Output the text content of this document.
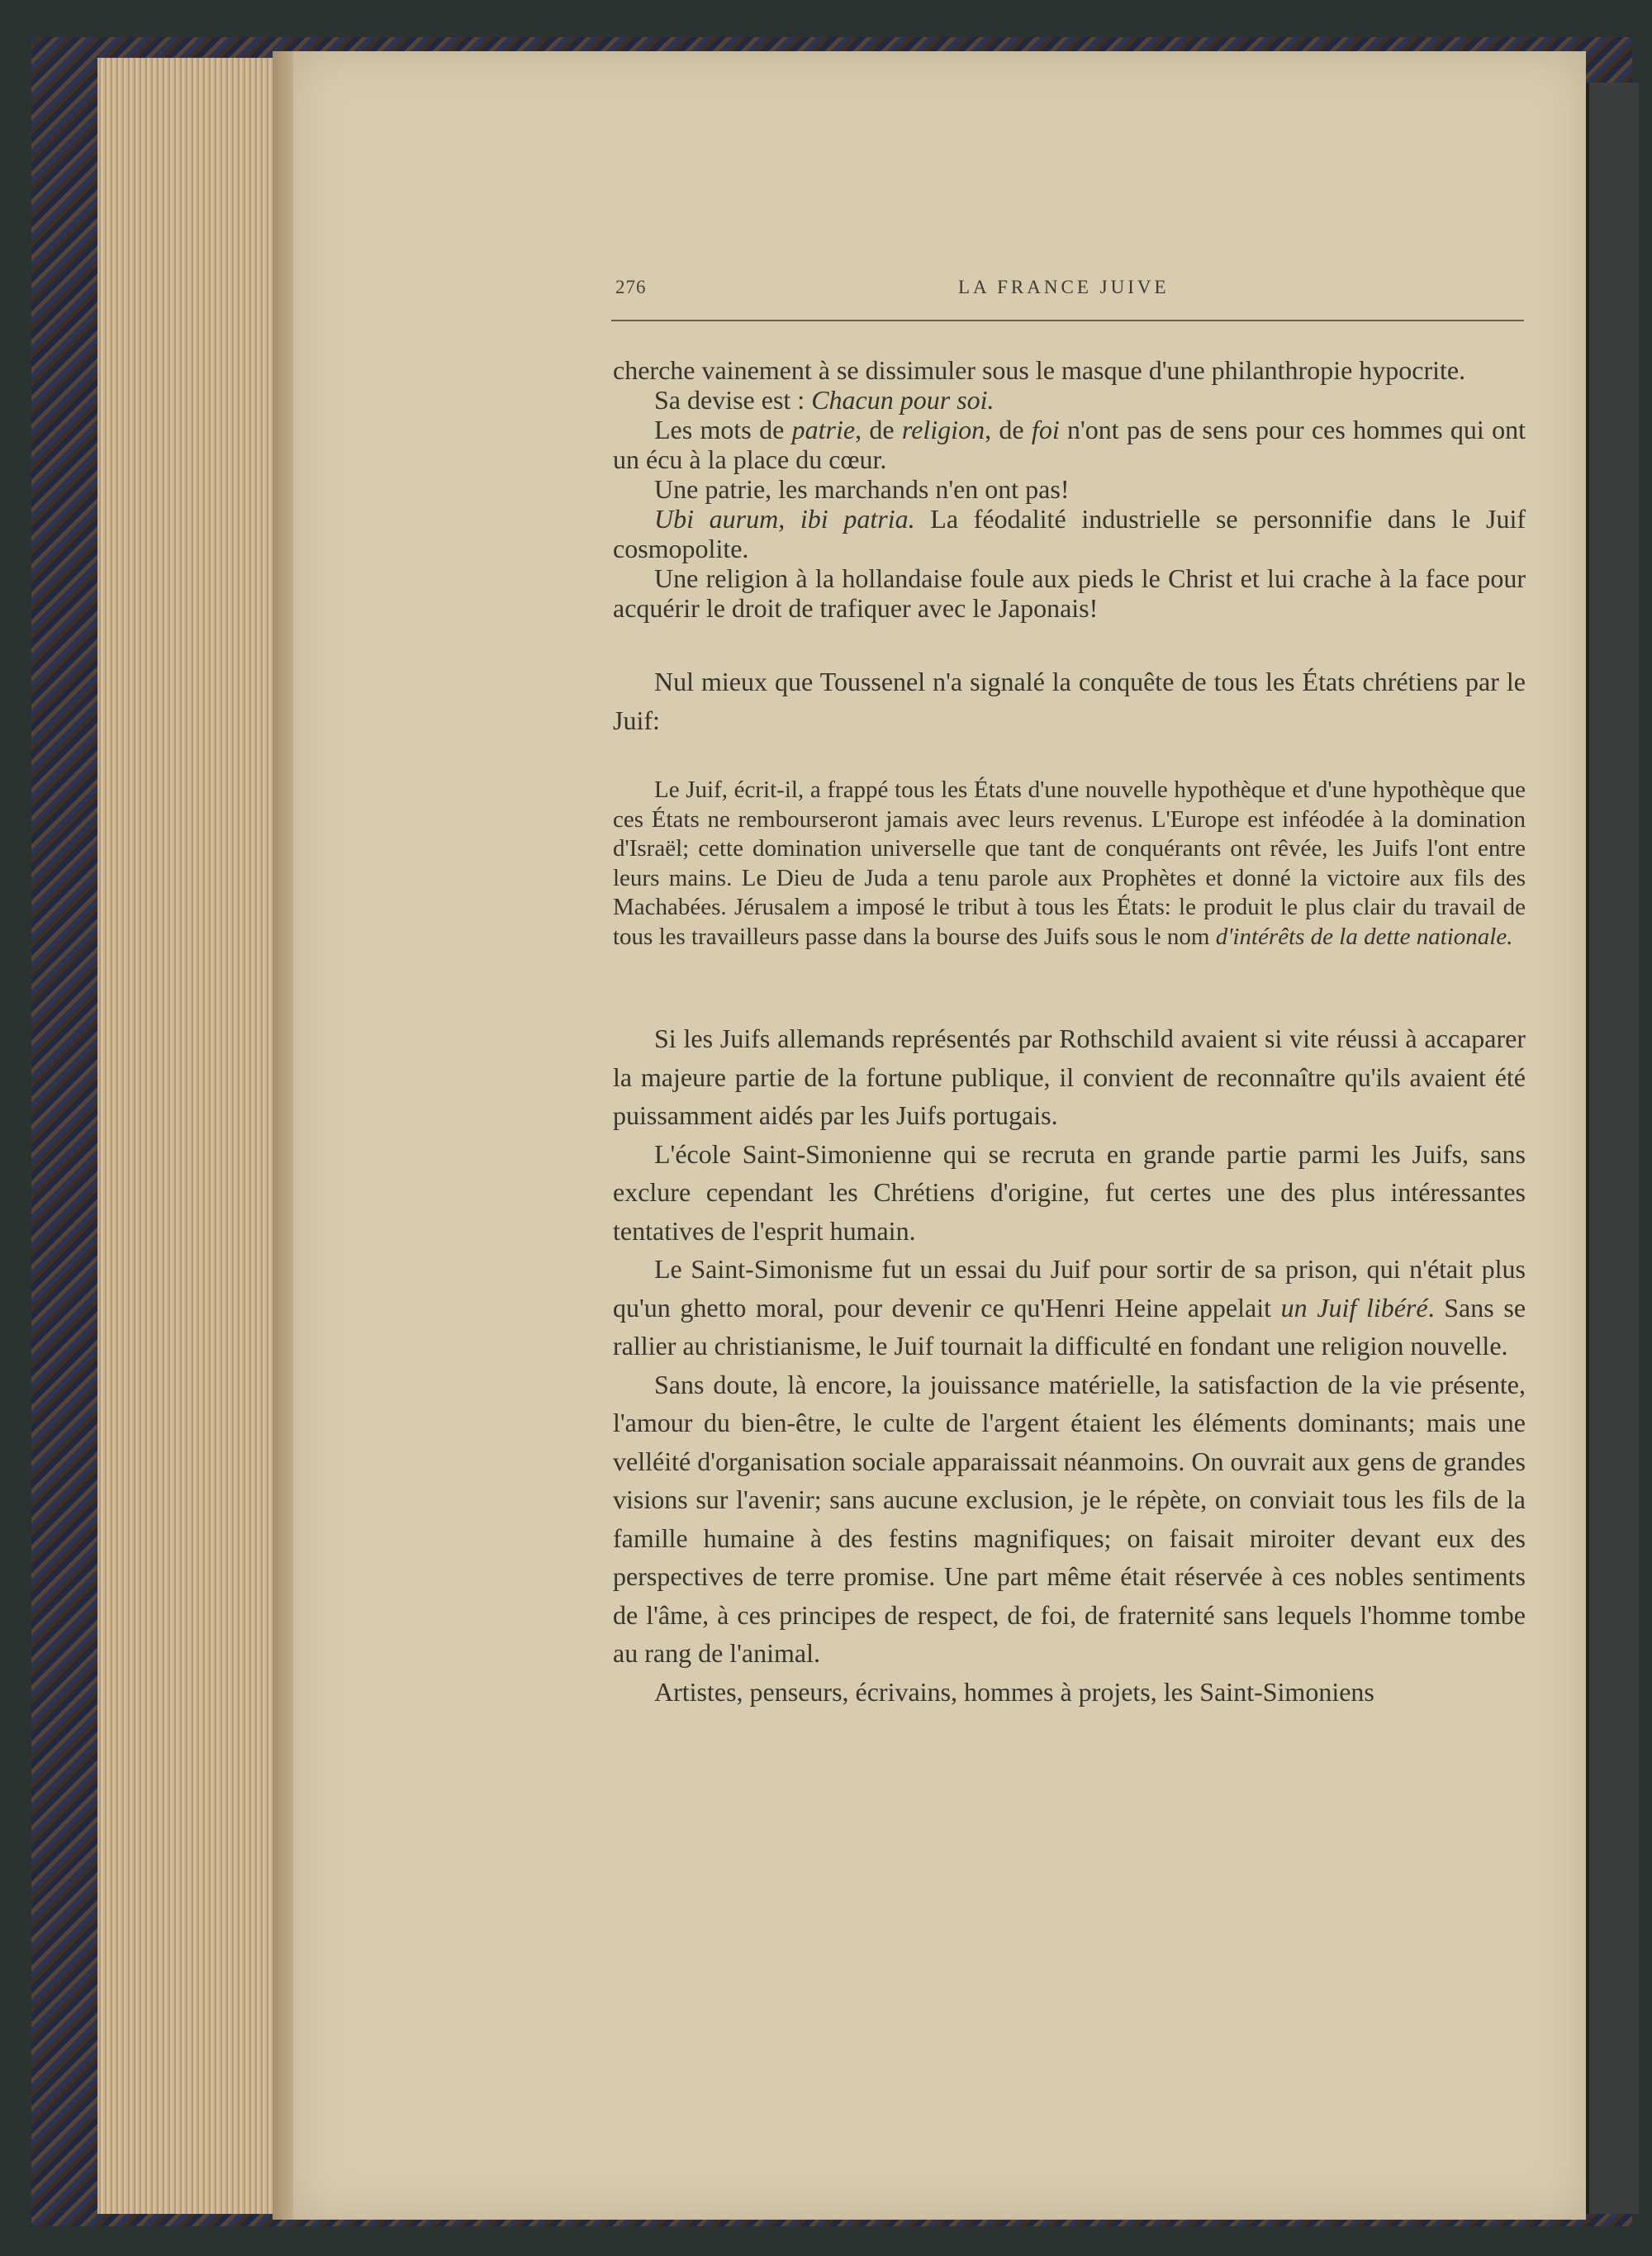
276	LA FRANCE JUIVE

cherche vainement à se dissimuler sous le masque d'une philanthropie hypocrite.

Sa devise est : Chacun pour soi.

Les mots de patrie, de religion, de foi n'ont pas de sens pour ces hommes qui ont un écu à la place du cœur.

Une patrie, les marchands n'en ont pas!

Ubi aurum, ibi patria. La féodalité industrielle se personnifie dans le Juif cosmopolite.

Une religion à la hollandaise foule aux pieds le Christ et lui crache à la face pour acquérir le droit de trafiquer avec le Japonais!

Nul mieux que Toussenel n'a signalé la conquête de tous les États chrétiens par le Juif:

Le Juif, écrit-il, a frappé tous les États d'une nouvelle hypothèque et d'une hypothèque que ces États ne rembourseront jamais avec leurs revenus. L'Europe est inféodée à la domination d'Israël; cette domination universelle que tant de conquérants ont rêvée, les Juifs l'ont entre leurs mains. Le Dieu de Juda a tenu parole aux Prophètes et donné la victoire aux fils des Machabées. Jérusalem a imposé le tribut à tous les États: le produit le plus clair du travail de tous les travailleurs passe dans la bourse des Juifs sous le nom d'intérêts de la dette nationale.

Si les Juifs allemands représentés par Rothschild avaient si vite réussi à accaparer la majeure partie de la fortune publique, il convient de reconnaître qu'ils avaient été puissamment aidés par les Juifs portugais.

L'école Saint-Simonienne qui se recruta en grande partie parmi les Juifs, sans exclure cependant les Chrétiens d'origine, fut certes une des plus intéressantes tentatives de l'esprit humain.

Le Saint-Simonisme fut un essai du Juif pour sortir de sa prison, qui n'était plus qu'un ghetto moral, pour devenir ce qu'Henri Heine appelait un Juif libéré. Sans se rallier au christianisme, le Juif tournait la difficulté en fondant une religion nouvelle.

Sans doute, là encore, la jouissance matérielle, la satisfaction de la vie présente, l'amour du bien-être, le culte de l'argent étaient les éléments dominants; mais une velléité d'organisation sociale apparaissait néanmoins. On ouvrait aux gens de grandes visions sur l'avenir; sans aucune exclusion, je le répète, on conviait tous les fils de la famille humaine à des festins magnifiques; on faisait miroiter devant eux des perspectives de terre promise. Une part même était réservée à ces nobles sentiments de l'âme, à ces principes de respect, de foi, de fraternité sans lequels l'homme tombe au rang de l'animal.

Artistes, penseurs, écrivains, hommes à projets, les Saint-Simoniens
